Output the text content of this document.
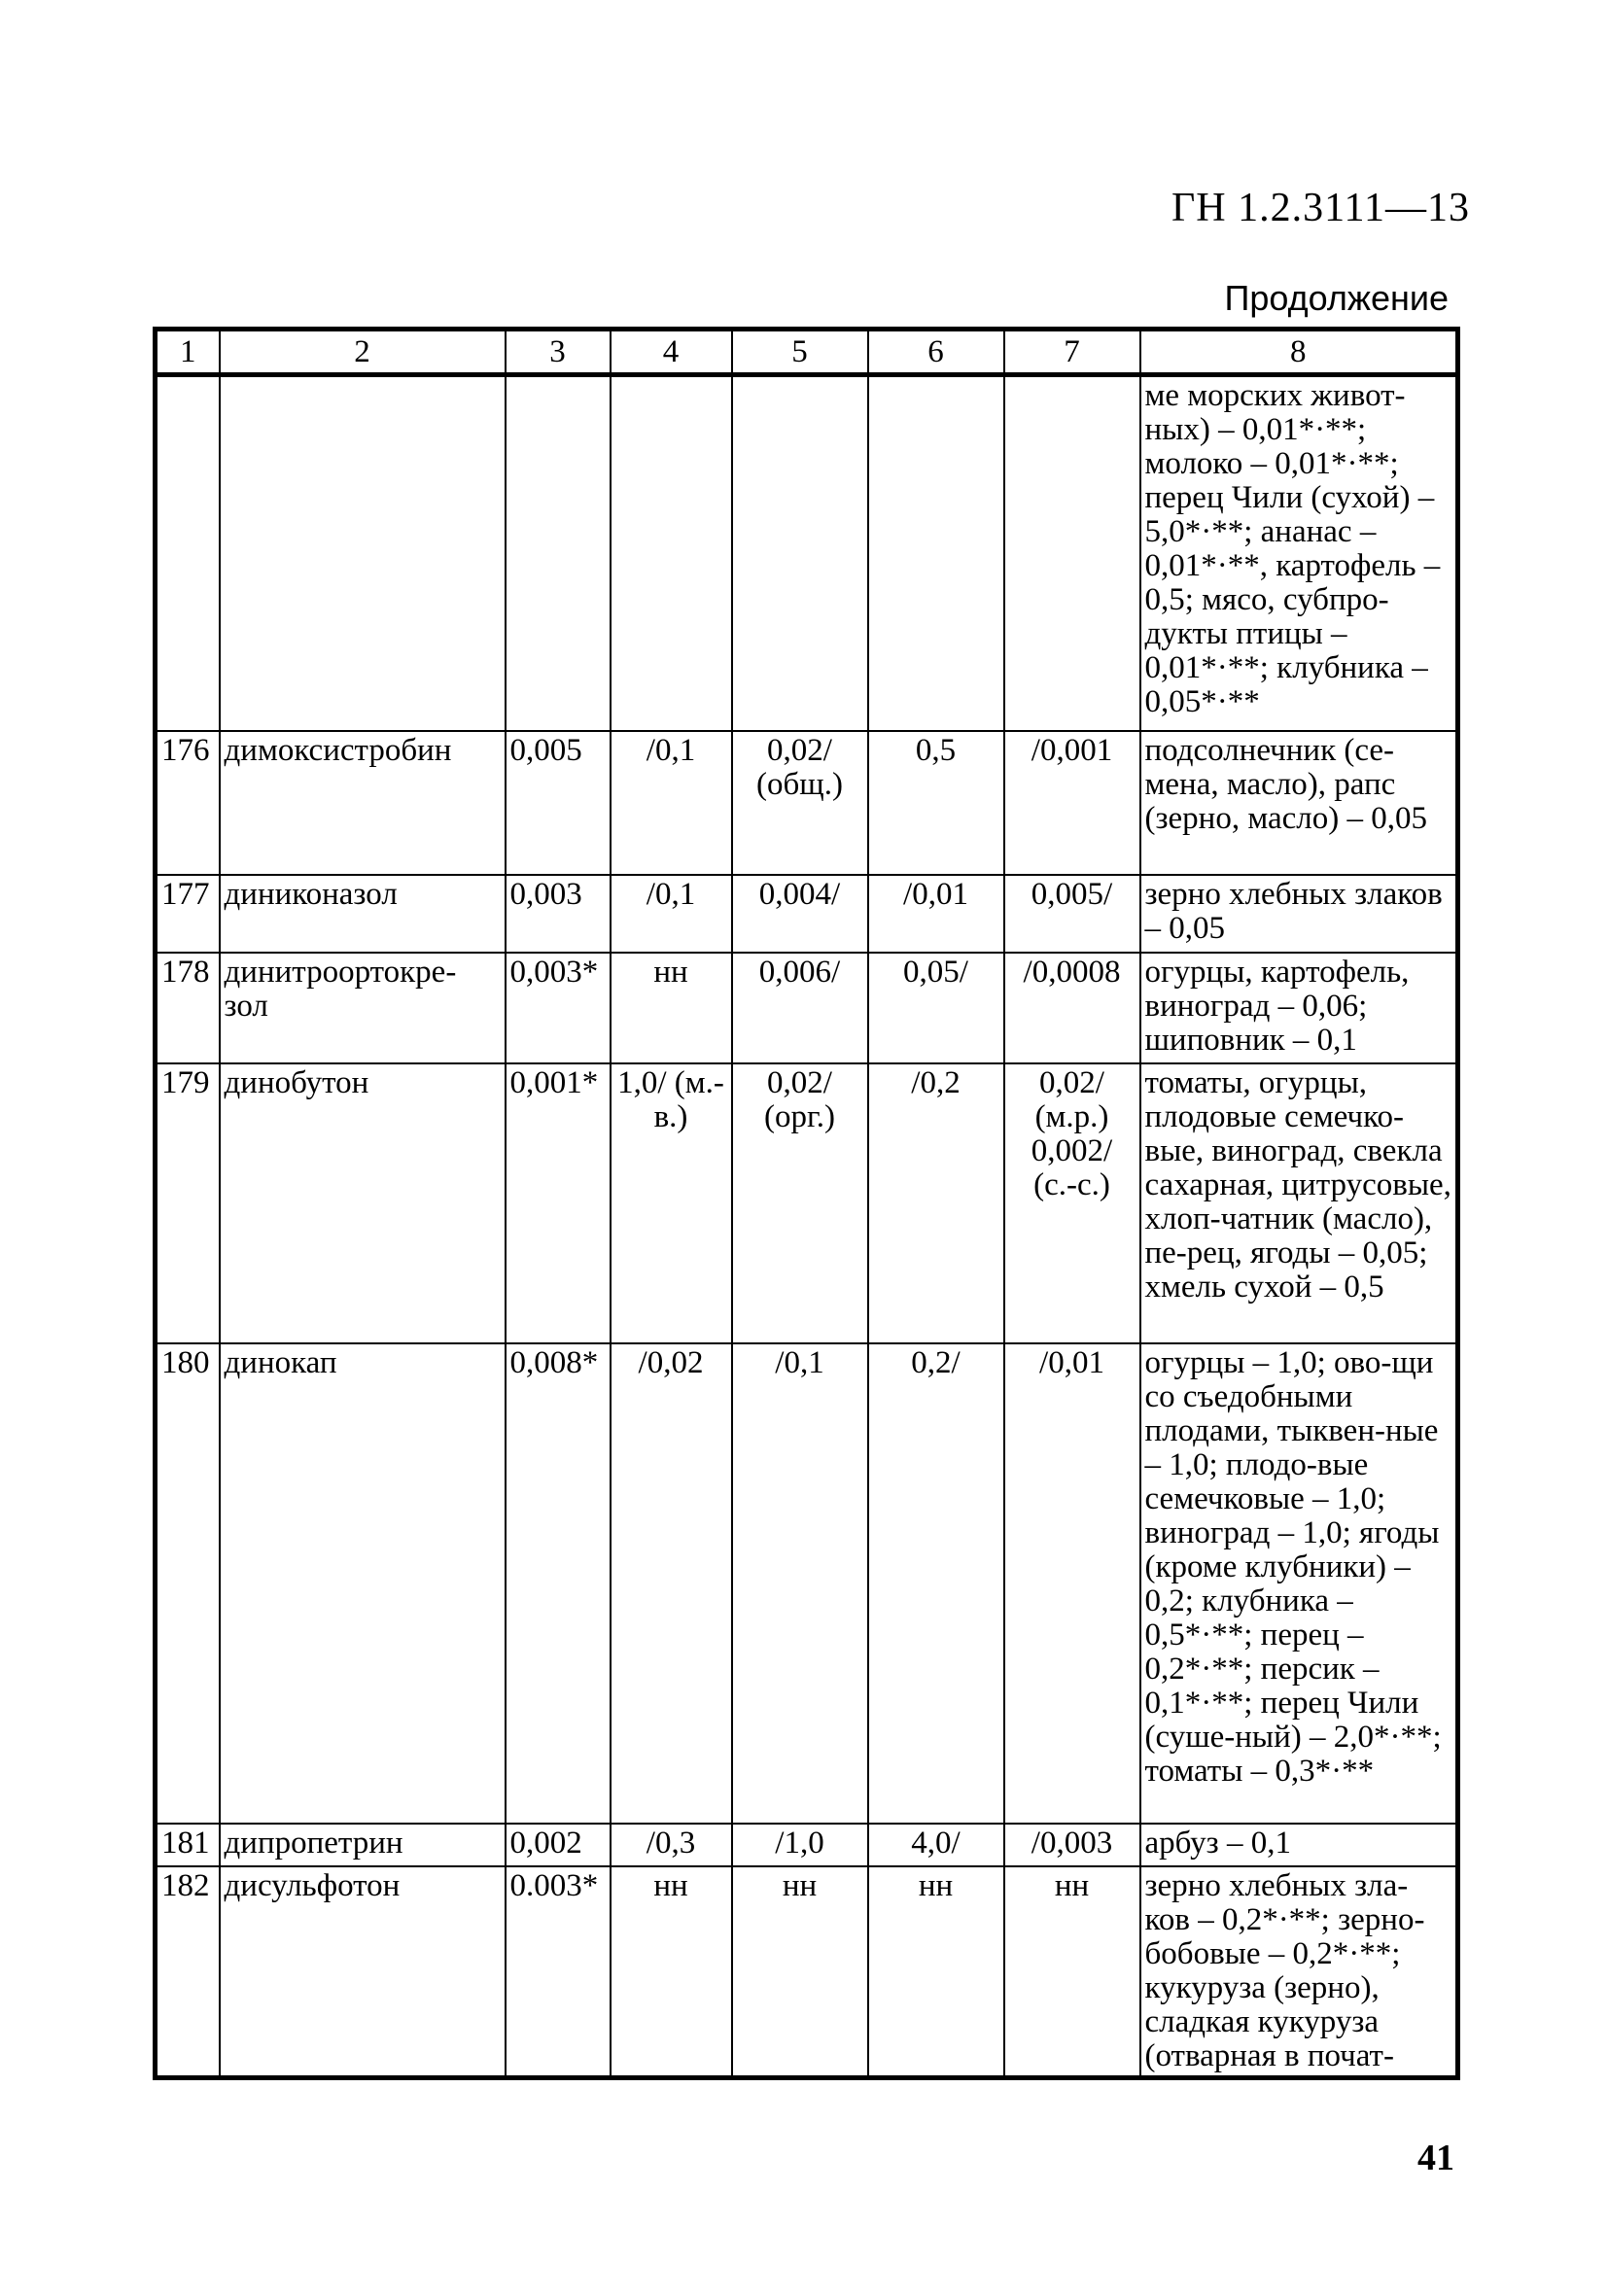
ГН 1.2.3111—13
Продолжение
1	2	3	4	5	6	7	8
							ме морских живот-ных) – 0,01*·**; молоко – 0,01*·**; перец Чили (сухой) – 5,0*·**; ананас – 0,01*·**, картофель – 0,5; мясо, субпро-дукты птицы – 0,01*·**; клубника – 0,05*·**
176	димоксистробин	0,005	/0,1	0,02/ (общ.)	0,5	/0,001	подсолнечник (се-мена, масло), рапс (зерно, масло) – 0,05
177	диниконазол	0,003	/0,1	0,004/	/0,01	0,005/	зерно хлебных злаков – 0,05
178	динитроортокре-зол	0,003*	нн	0,006/	0,05/	/0,0008	огурцы, картофель, виноград – 0,06; шиповник – 0,1
179	динобутон	0,001*	1,0/ (м.-в.)	0,02/ (орг.)	/0,2	0,02/ (м.р.) 0,002/ (с.-с.)	томаты, огурцы, плодовые семечко-вые, виноград, свекла сахарная, цитрусовые, хлоп-чатник (масло), пе-рец, ягоды – 0,05; хмель сухой – 0,5
180	динокап	0,008*	/0,02	/0,1	0,2/	/0,01	огурцы – 1,0; ово-щи со съедобными плодами, тыквен-ные – 1,0; плодо-вые семечковые – 1,0; виноград – 1,0; ягоды (кроме клубники) – 0,2; клубника – 0,5*·**; перец – 0,2*·**; персик – 0,1*·**; перец Чили (суше-ный) – 2,0*·**; томаты – 0,3*·**
181	дипропетрин	0,002	/0,3	/1,0	4,0/	/0,003	арбуз – 0,1
182	дисульфотон	0.003*	нн	нн	нн	нн	зерно хлебных зла-ков – 0,2*·**; зерно-бобовые – 0,2*·**; кукуруза (зерно), сладкая кукуруза (отварная в почат‑
41
